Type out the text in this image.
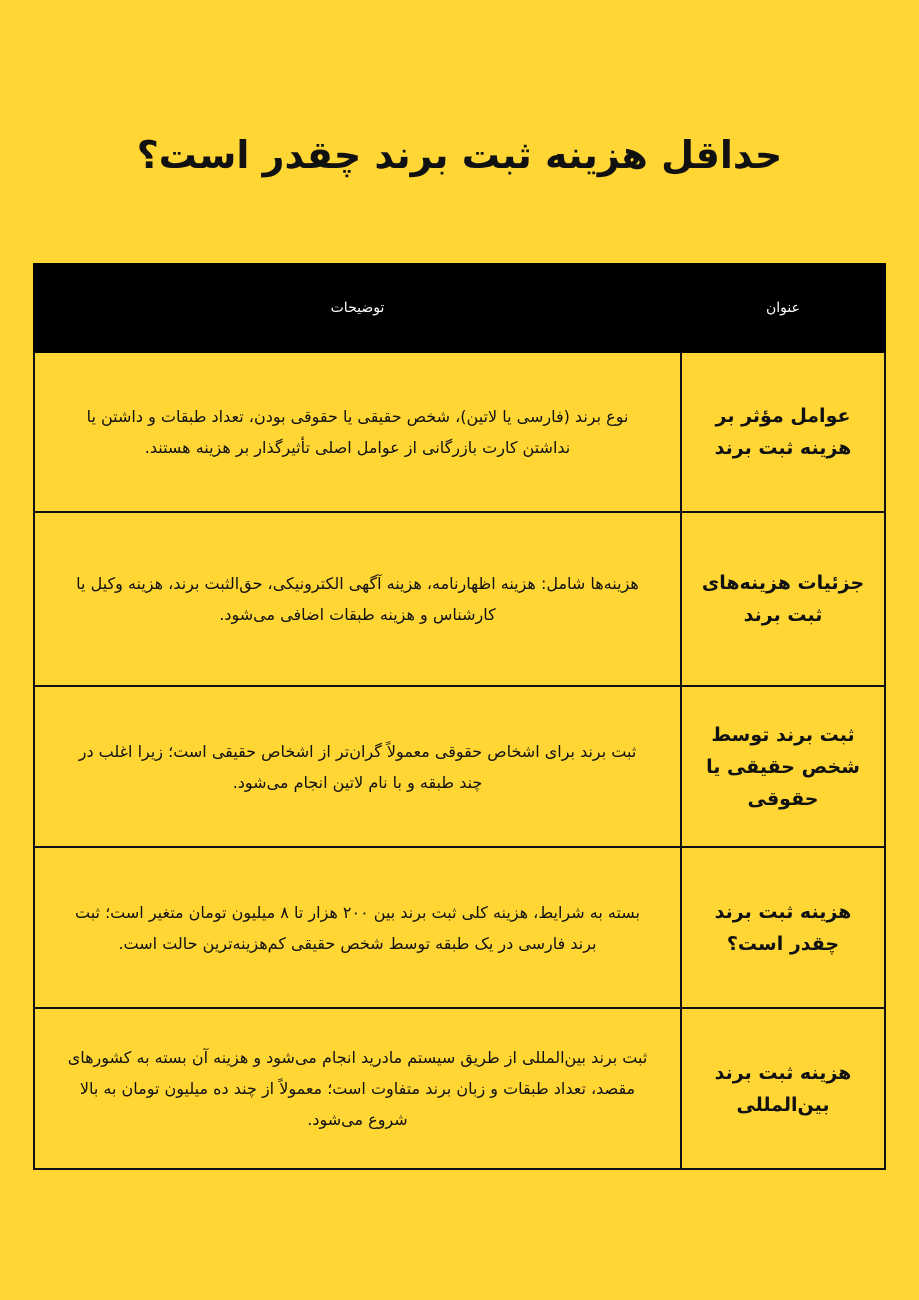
حداقل هزینه ثبت برند چقدر است؟
عنوان	توضیحات
عوامل مؤثر بر هزینه ثبت برند	نوع برند (فارسی یا لاتین)، شخص حقیقی یا حقوقی بودن، تعداد طبقات و داشتن یا نداشتن کارت بازرگانی از عوامل اصلی تأثیرگذار بر هزینه هستند.
جزئیات هزینه‌های ثبت برند	هزینه‌ها شامل: هزینه اظهارنامه، هزینه آگهی الکترونیکی، حق‌الثبت برند، هزینه وکیل یا کارشناس و هزینه طبقات اضافی می‌شود.
ثبت برند توسط شخص حقیقی یا حقوقی	ثبت برند برای اشخاص حقوقی معمولاً گران‌تر از اشخاص حقیقی است؛ زیرا اغلب در چند طبقه و با نام لاتین انجام می‌شود.
هزینه ثبت برند چقدر است؟	بسته به شرایط، هزینه کلی ثبت برند بین ۲۰۰ هزار تا ۸ میلیون تومان متغیر است؛ ثبت برند فارسی در یک طبقه توسط شخص حقیقی کم‌هزینه‌ترین حالت است.
هزینه ثبت برند بین‌المللی	ثبت برند بین‌المللی از طریق سیستم مادرید انجام می‌شود و هزینه آن بسته به کشورهای مقصد، تعداد طبقات و زبان برند متفاوت است؛ معمولاً از چند ده میلیون تومان به بالا شروع می‌شود.
